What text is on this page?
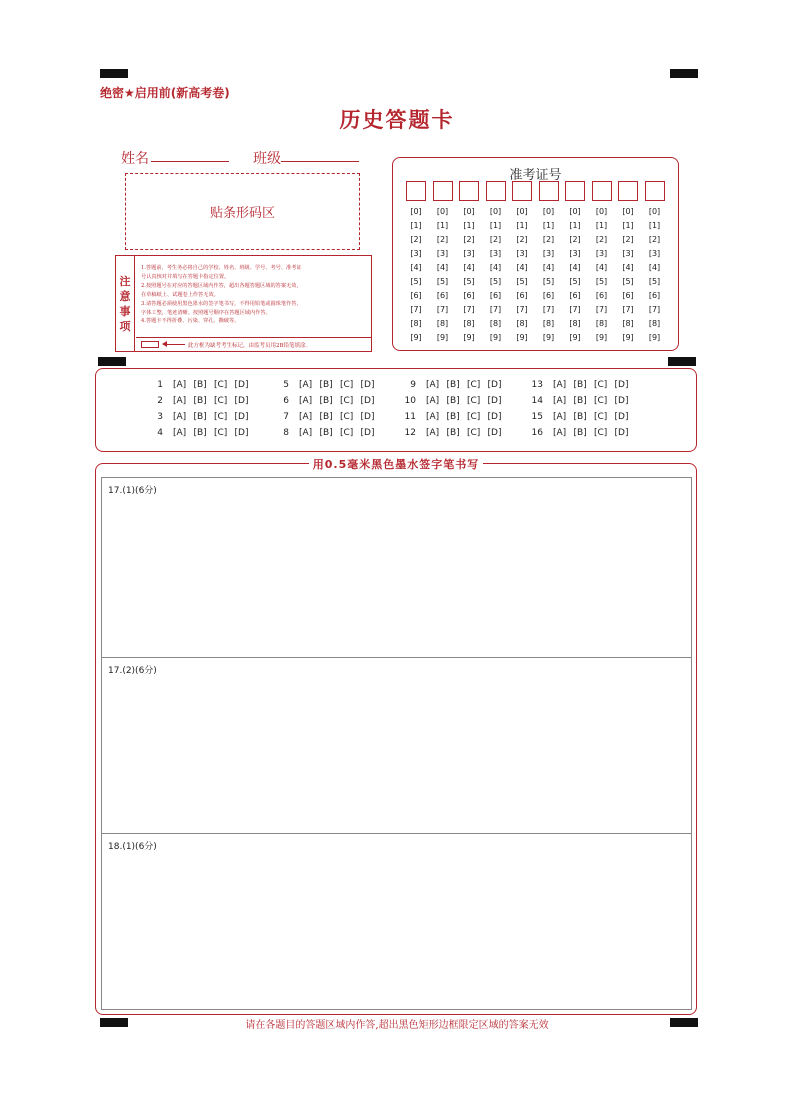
绝密★启用前(新高考卷)
历史答题卡
姓名	班级
贴条形码区
注
意
事
项
1.答题前，考生务必将自己的学校、姓名、班级、学号、考号、准考证
号认真核对并填写在答题卡指定位置。
2.按照题号在对应的答题区域内作答，超出各题答题区域的答案无效，
在草稿纸上、试题卷上作答无效。
3.请答题必须使用黑色墨水的签字笔书写，不得用铅笔或圆珠笔作答，
字体工整，笔迹清晰。按照题号顺序在答题区域内作答。
4.答题卡不得折叠、污染、穿孔、撕破等。
此方框为缺考考生标记，由监考员用2B铅笔填涂。
准考证号
[0]
[1]
[2]
[3]
[4]
[5]
[6]
[7]
[8]
[9]
[0]
[1]
[2]
[3]
[4]
[5]
[6]
[7]
[8]
[9]
[0]
[1]
[2]
[3]
[4]
[5]
[6]
[7]
[8]
[9]
[0]
[1]
[2]
[3]
[4]
[5]
[6]
[7]
[8]
[9]
[0]
[1]
[2]
[3]
[4]
[5]
[6]
[7]
[8]
[9]
[0]
[1]
[2]
[3]
[4]
[5]
[6]
[7]
[8]
[9]
[0]
[1]
[2]
[3]
[4]
[5]
[6]
[7]
[8]
[9]
[0]
[1]
[2]
[3]
[4]
[5]
[6]
[7]
[8]
[9]
[0]
[1]
[2]
[3]
[4]
[5]
[6]
[7]
[8]
[9]
[0]
[1]
[2]
[3]
[4]
[5]
[6]
[7]
[8]
[9]
1 [A] [B] [C] [D]
2 [A] [B] [C] [D]
3 [A] [B] [C] [D]
4 [A] [B] [C] [D]
5 [A] [B] [C] [D]
6 [A] [B] [C] [D]
7 [A] [B] [C] [D]
8 [A] [B] [C] [D]
9 [A] [B] [C] [D]
10 [A] [B] [C] [D]
11 [A] [B] [C] [D]
12 [A] [B] [C] [D]
13 [A] [B] [C] [D]
14 [A] [B] [C] [D]
15 [A] [B] [C] [D]
16 [A] [B] [C] [D]
用0.5毫米黑色墨水签字笔书写
17.(1)(6分)
17.(2)(6分)
18.(1)(6分)
请在各题目的答题区域内作答,超出黑色矩形边框限定区域的答案无效
